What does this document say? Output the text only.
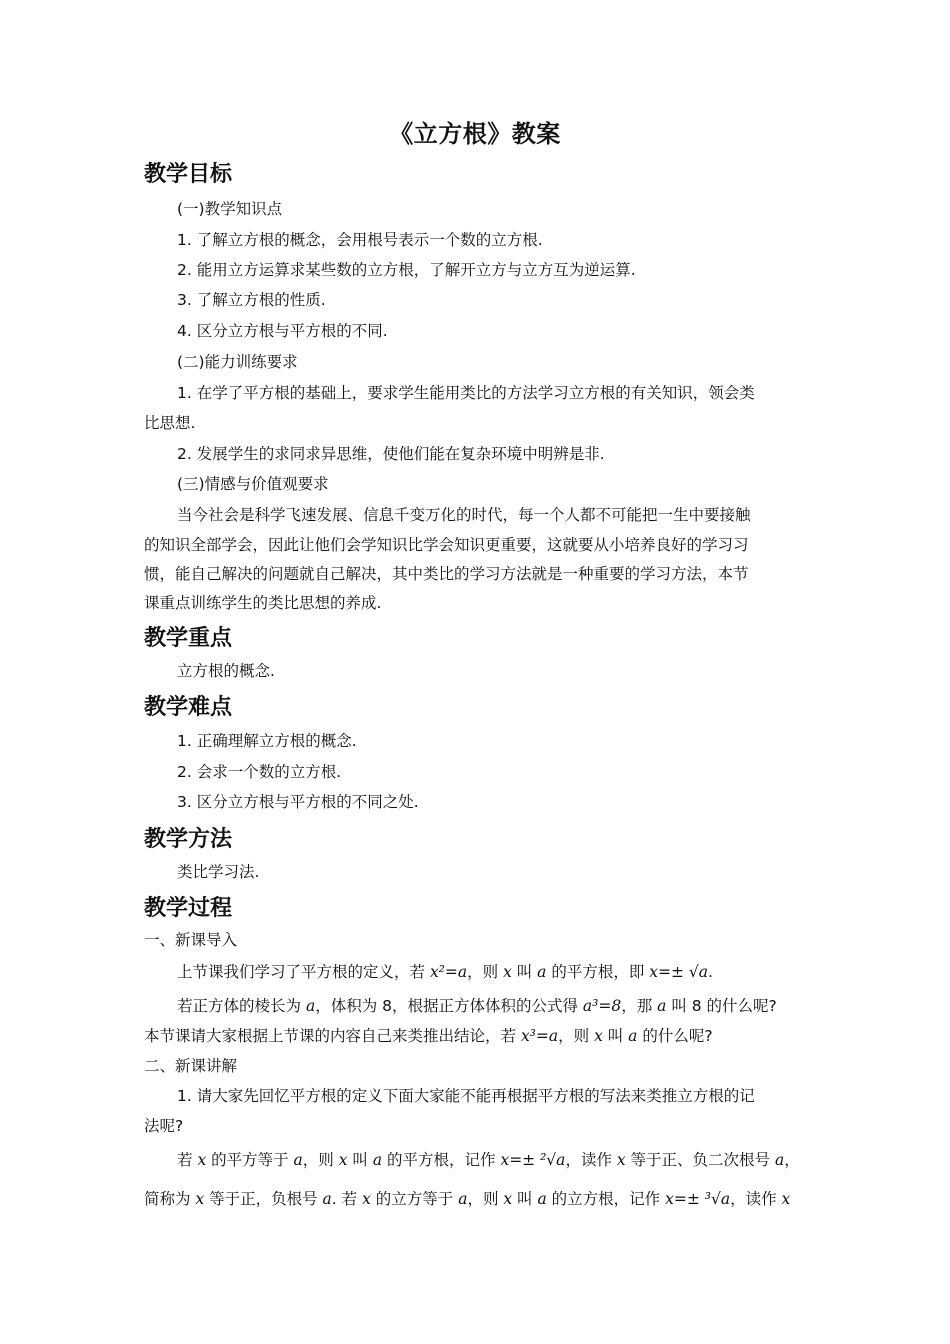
《立方根》教案
教学目标
(一)教学知识点
1. 了解立方根的概念，会用根号表示一个数的立方根.
2. 能用立方运算求某些数的立方根，了解开立方与立方互为逆运算.
3. 了解立方根的性质.
4. 区分立方根与平方根的不同.
(二)能力训练要求
1. 在学了平方根的基础上，要求学生能用类比的方法学习立方根的有关知识，领会类
比思想.
2. 发展学生的求同求异思维，使他们能在复杂环境中明辨是非.
(三)情感与价值观要求
当今社会是科学飞速发展、信息千变万化的时代，每一个人都不可能把一生中要接触
的知识全部学会，因此让他们会学知识比学会知识更重要，这就要从小培养良好的学习习
惯，能自己解决的问题就自己解决，其中类比的学习方法就是一种重要的学习方法，本节
课重点训练学生的类比思想的养成.
教学重点
立方根的概念.
教学难点
1. 正确理解立方根的概念.
2. 会求一个数的立方根.
3. 区分立方根与平方根的不同之处.
教学方法
类比学习法.
教学过程
一、新课导入
上节课我们学习了平方根的定义，若 x²=a，则 x 叫 a 的平方根，即 x=± √a.
若正方体的棱长为 a，体积为 8，根据正方体体积的公式得 a³=8，那 a 叫 8 的什么呢?
本节课请大家根据上节课的内容自己来类推出结论，若 x³=a，则 x 叫 a 的什么呢?
二、新课讲解
1. 请大家先回忆平方根的定义下面大家能不能再根据平方根的写法来类推立方根的记
法呢?
若 x 的平方等于 a，则 x 叫 a 的平方根，记作 x=± ²√a，读作 x 等于正、负二次根号 a，
简称为 x 等于正，负根号 a. 若 x 的立方等于 a，则 x 叫 a 的立方根，记作 x=± ³√a，读作 x
